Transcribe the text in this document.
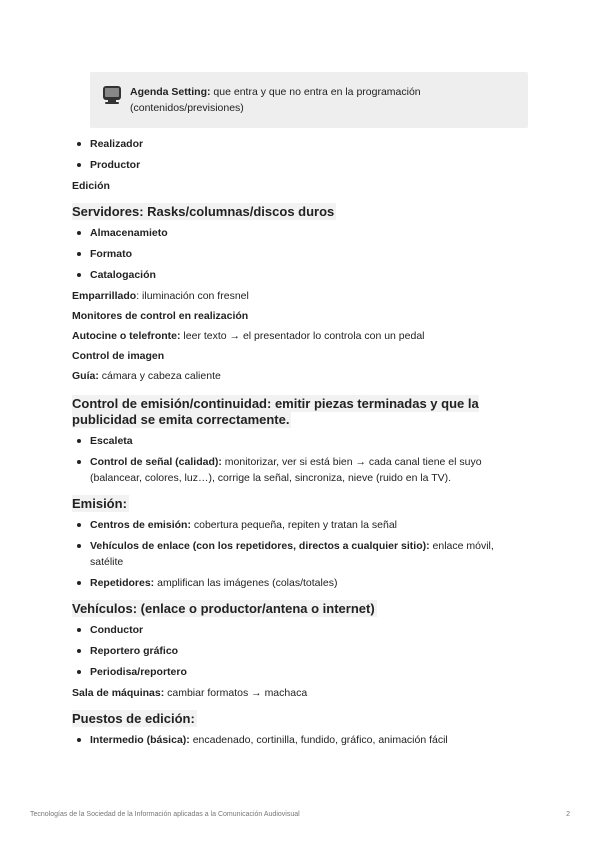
Agenda Setting: que entra y que no entra en la programación (contenidos/previsiones)
Realizador
Productor

Edición

Servidores: Rasks/columnas/discos duros
Almacenamieto
Formato
Catalogación

Emparrillado: iluminación con fresnel

Monitores de control en realización

Autocine o telefronte: leer texto → el presentador lo controla con un pedal

Control de imagen

Guía: cámara y cabeza caliente

Control de emisión/continuidad: emitir piezas terminadas y que la publicidad se emita correctamente.
Escaleta
Control de señal (calidad): monitorizar, ver si está bien → cada canal tiene el suyo (balancear, colores, luz…), corrige la señal, sincroniza, nieve (ruido en la TV).
Emisión:
Centros de emisión: cobertura pequeña, repiten y tratan la señal
Vehículos de enlace (con los repetidores, directos a cualquier sitio): enlace móvil, satélite
Repetidores: amplifican las imágenes (colas/totales)
Vehículos: (enlace o productor/antena o internet)
Conductor
Reportero gráfico
Periodisa/reportero

Sala de máquinas: cambiar formatos → machaca

Puestos de edición:
Intermedio (básica): encadenado, cortinilla, fundido, gráfico, animación fácil
Tecnologías de la Sociedad de la Información aplicadas a la Comunicación Audiovisual	2
